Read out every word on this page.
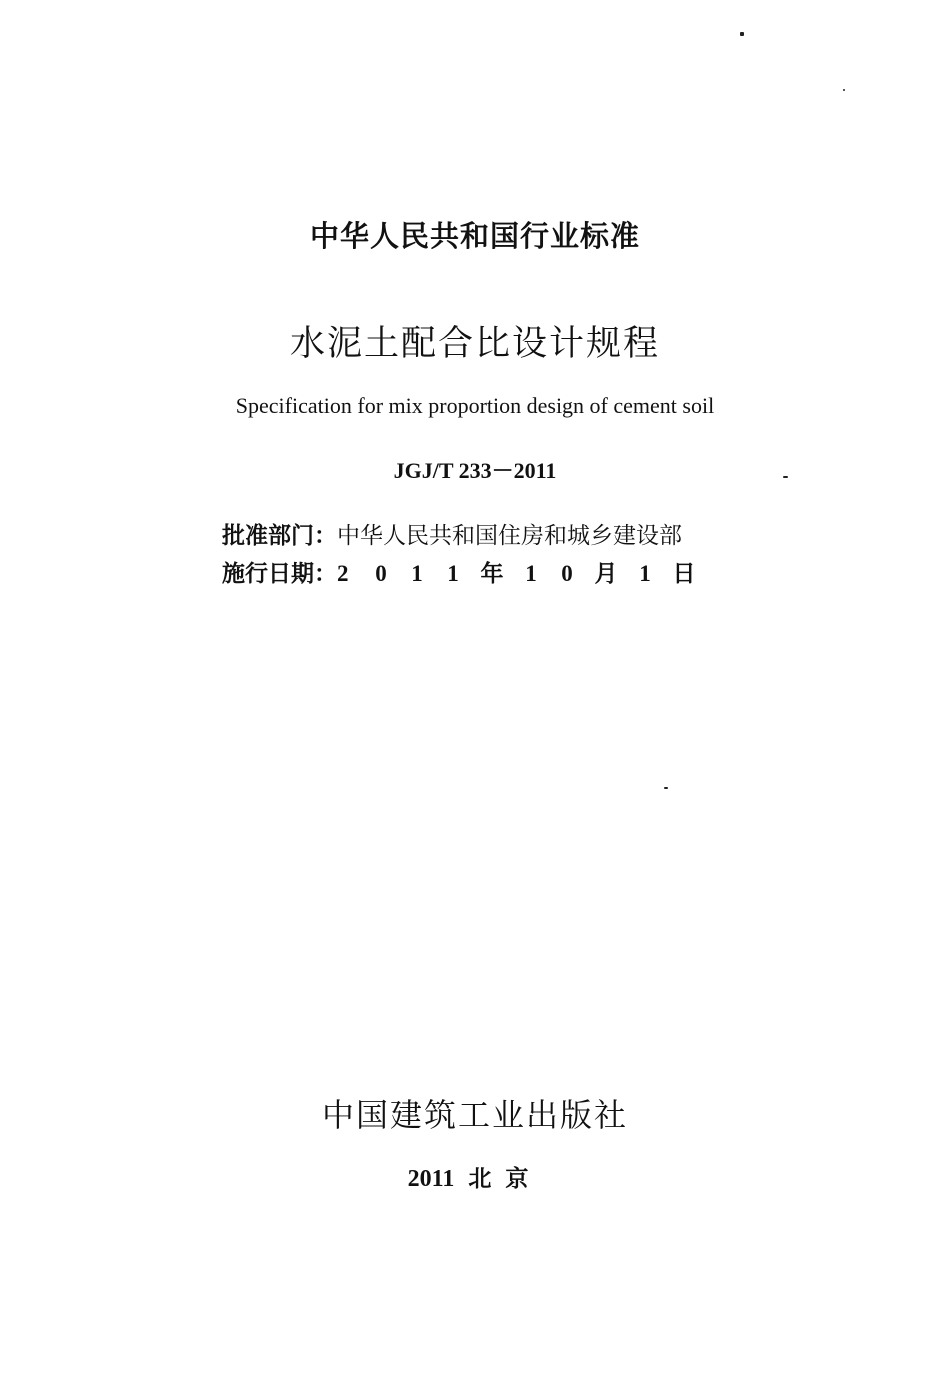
中华人民共和国行业标准
水泥土配合比设计规程
Specification for mix proportion design of cement soil
JGJ/T 233－2011
批准部门：中华人民共和国住房和城乡建设部
施行日期：2 0 1 1 年 1 0 月 1 日
中国建筑工业出版社
2011 北京
